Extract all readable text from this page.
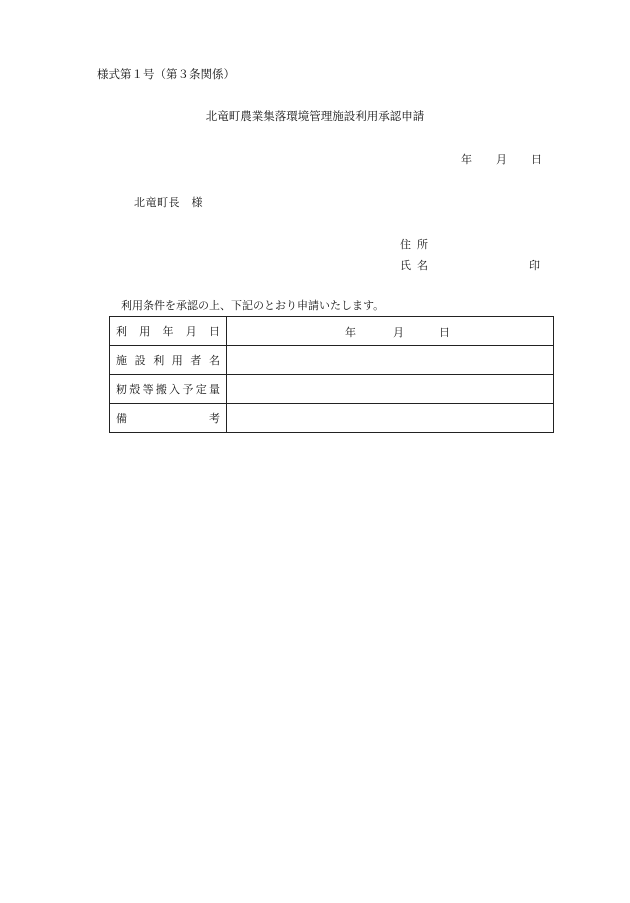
様式第１号（第３条関係）
北竜町農業集落環境管理施設利用承認申請
年 月 日
北竜町長　様
住所
氏名	印
利用条件を承認の上、下記のとおり申請いたします。
利用年月日	年 月 日

施設利用者名	
籾殻等搬入予定量	
備考	
